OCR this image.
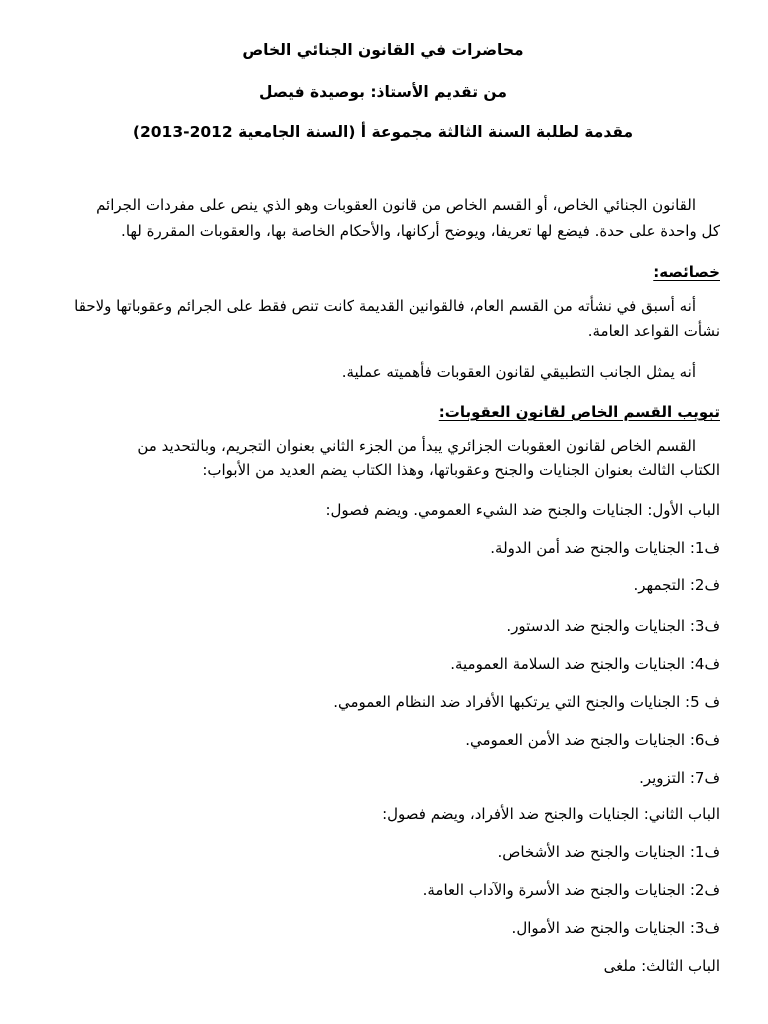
محاضرات في القانون الجنائي الخاص
من تقديم الأستاذ: بوصيدة فيصل
مقدمة لطلبة السنة الثالثة مجموعة أ (السنة الجامعية 2012-2013)
القانون الجنائي الخاص، أو القسم الخاص من قانون العقوبات وهو الذي ينص على مفردات الجرائم
كل واحدة على حدة. فيضع لها تعريفا، ويوضح أركانها، والأحكام الخاصة بها، والعقوبات المقررة لها.
خصائصه:
أنه أسبق في نشأته من القسم العام، فالقوانين القديمة كانت تنص فقط على الجرائم وعقوباتها ولاحقا
نشأت القواعد العامة.
أنه يمثل الجانب التطبيقي لقانون العقوبات فأهميته عملية.
تبويب القسم الخاص لقانون العقوبات:
القسم الخاص لقانون العقوبات الجزائري يبدأ من الجزء الثاني بعنوان التجريم، وبالتحديد من
الكتاب الثالث بعنوان الجنايات والجنح وعقوباتها، وهذا الكتاب يضم العديد من الأبواب:
الباب الأول: الجنايات والجنح ضد الشيء العمومي. ويضم فصول:
ف1: الجنايات والجنح ضد أمن الدولة.
ف2: التجمهر.
ف3: الجنايات والجنح ضد الدستور.
ف4: الجنايات والجنح ضد السلامة العمومية.
ف 5: الجنايات والجنح التي يرتكبها الأفراد ضد النظام العمومي.
ف6: الجنايات والجنح ضد الأمن العمومي.
ف7: التزوير.
الباب الثاني: الجنايات والجنح ضد الأفراد، ويضم فصول:
ف1: الجنايات والجنح ضد الأشخاص.
ف2: الجنايات والجنح ضد الأسرة والآداب العامة.
ف3: الجنايات والجنح ضد الأموال.
الباب الثالث: ملغى
